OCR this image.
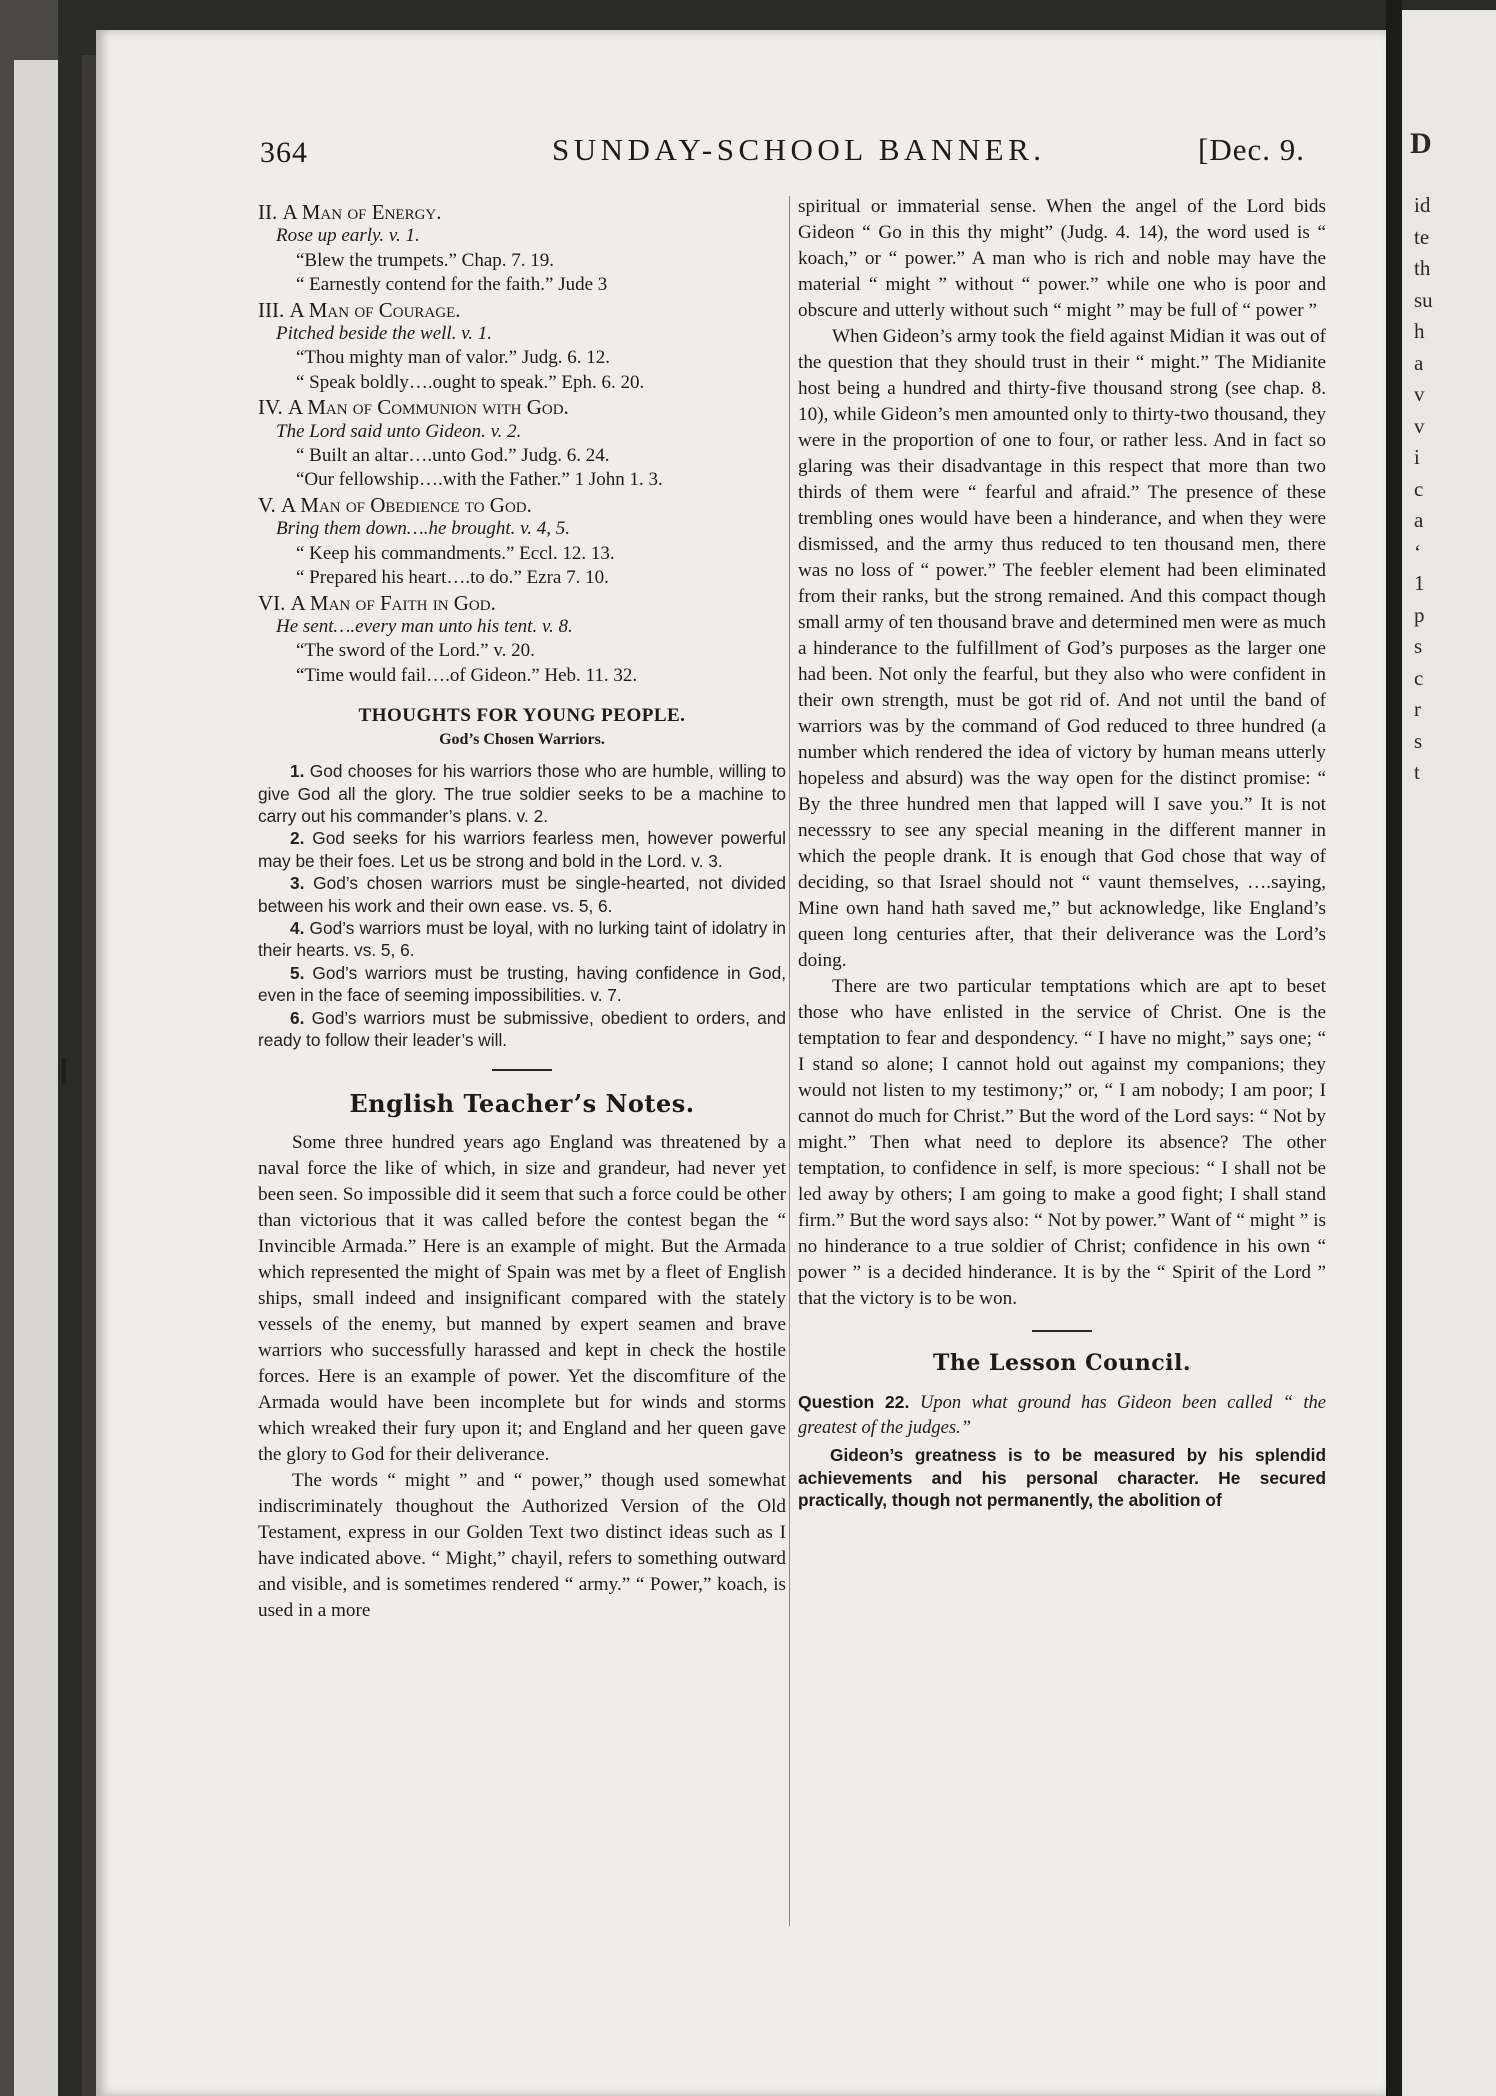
D
id
te
th
su
h
a
v
v
i
c
a
‘
1
p
s
c
r
s
t
364	SUNDAY-SCHOOL BANNER.	[Dec. 9.
II. A Man of Energy.
Rose up early. v. 1.
“Blew the trumpets.” Chap. 7. 19.
“ Earnestly contend for the faith.” Jude 3
III. A Man of Courage.
Pitched beside the well. v. 1.
“Thou mighty man of valor.” Judg. 6. 12.
“ Speak boldly….ought to speak.” Eph. 6. 20.
IV. A Man of Communion with God.
The Lord said unto Gideon. v. 2.
“ Built an altar….unto God.” Judg. 6. 24.
“Our fellowship….with the Father.” 1 John 1. 3.
V. A Man of Obedience to God.
Bring them down….he brought. v. 4, 5.
“ Keep his commandments.” Eccl. 12. 13.
“ Prepared his heart….to do.” Ezra 7. 10.
VI. A Man of Faith in God.
He sent….every man unto his tent. v. 8.
“The sword of the Lord.” v. 20.
“Time would fail….of Gideon.” Heb. 11. 32.
THOUGHTS FOR YOUNG PEOPLE.
God’s Chosen Warriors.
1. God chooses for his warriors those who are humble, willing to give God all the glory. The true soldier seeks to be a machine to carry out his commander’s plans. v. 2.
2. God seeks for his warriors fearless men, however powerful may be their foes. Let us be strong and bold in the Lord. v. 3.
3. God’s chosen warriors must be single-hearted, not divided between his work and their own ease. vs. 5, 6.
4. God’s warriors must be loyal, with no lurking taint of idolatry in their hearts. vs. 5, 6.
5. God’s warriors must be trusting, having confidence in God, even in the face of seeming impossibilities. v. 7.
6. God’s warriors must be submissive, obedient to orders, and ready to follow their leader’s will.
English Teacher’s Notes.

Some three hundred years ago England was threatened by a naval force the like of which, in size and grandeur, had never yet been seen. So impossible did it seem that such a force could be other than victorious that it was called before the contest began the “ Invincible Armada.” Here is an example of might. But the Armada which represented the might of Spain was met by a fleet of English ships, small indeed and insignificant compared with the stately vessels of the enemy, but manned by expert seamen and brave warriors who successfully harassed and kept in check the hostile forces. Here is an example of power. Yet the discomfiture of the Armada would have been incomplete but for winds and storms which wreaked their fury upon it; and England and her queen gave the glory to God for their deliverance.

The words “ might ” and “ power,” though used somewhat indiscriminately thoughout the Authorized Version of the Old Testament, express in our Golden Text two distinct ideas such as I have indicated above. “ Might,” chayil, refers to something outward and visible, and is sometimes rendered “ army.” “ Power,” koach, is used in a more

spiritual or immaterial sense. When the angel of the Lord bids Gideon “ Go in this thy might” (Judg. 4. 14), the word used is “ koach,” or “ power.” A man who is rich and noble may have the material “ might ” without “ power.” while one who is poor and obscure and utterly without such “ might ” may be full of “ power ”

When Gideon’s army took the field against Midian it was out of the question that they should trust in their “ might.” The Midianite host being a hundred and thirty-five thousand strong (see chap. 8. 10), while Gideon’s men amounted only to thirty-two thousand, they were in the proportion of one to four, or rather less. And in fact so glaring was their disadvantage in this respect that more than two thirds of them were “ fearful and afraid.” The presence of these trembling ones would have been a hinderance, and when they were dismissed, and the army thus reduced to ten thousand men, there was no loss of “ power.” The feebler element had been eliminated from their ranks, but the strong remained. And this compact though small army of ten thousand brave and determined men were as much a hinderance to the fulfillment of God’s purposes as the larger one had been. Not only the fearful, but they also who were confident in their own strength, must be got rid of. And not until the band of warriors was by the command of God reduced to three hundred (a number which rendered the idea of victory by human means utterly hopeless and absurd) was the way open for the distinct promise: “ By the three hundred men that lapped will I save you.” It is not necesssry to see any special meaning in the different manner in which the people drank. It is enough that God chose that way of deciding, so that Israel should not “ vaunt themselves, ….saying, Mine own hand hath saved me,” but acknowledge, like England’s queen long centuries after, that their deliverance was the Lord’s doing.

There are two particular temptations which are apt to beset those who have enlisted in the service of Christ. One is the temptation to fear and despondency. “ I have no might,” says one; “ I stand so alone; I cannot hold out against my companions; they would not listen to my testimony;” or, “ I am nobody; I am poor; I cannot do much for Christ.” But the word of the Lord says: “ Not by might.” Then what need to deplore its absence? The other temptation, to confidence in self, is more specious: “ I shall not be led away by others; I am going to make a good fight; I shall stand firm.” But the word says also: “ Not by power.” Want of “ might ” is no hinderance to a true soldier of Christ; confidence in his own “ power ” is a decided hinderance. It is by the “ Spirit of the Lord ” that the victory is to be won.

The Lesson Council.
Question 22. Upon what ground has Gideon been called “ the greatest of the judges.”
Gideon’s greatness is to be measured by his splendid achievements and his personal character. He secured practically, though not permanently, the abolition of
